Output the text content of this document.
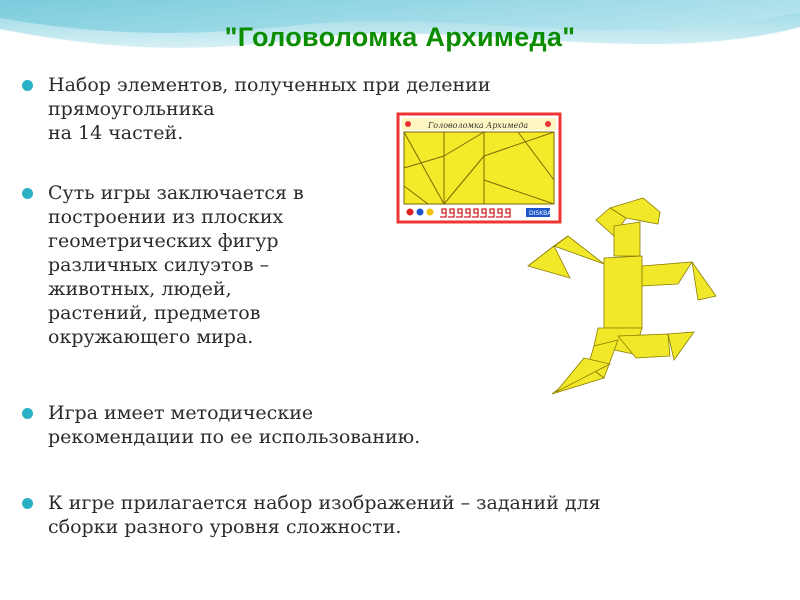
"Головоломка Архимеда"
Головоломка Архимеда
DISKBA
Набор элементов, полученных при делении
прямоугольника
на 14 частей.
Суть игры заключается в
построении из плоских
геометрических фигур
различных силуэтов –
животных, людей,
растений, предметов
окружающего мира.
Игра имеет методические
рекомендации по ее использованию.
К игре прилагается набор изображений – заданий для
сборки разного уровня сложности.
